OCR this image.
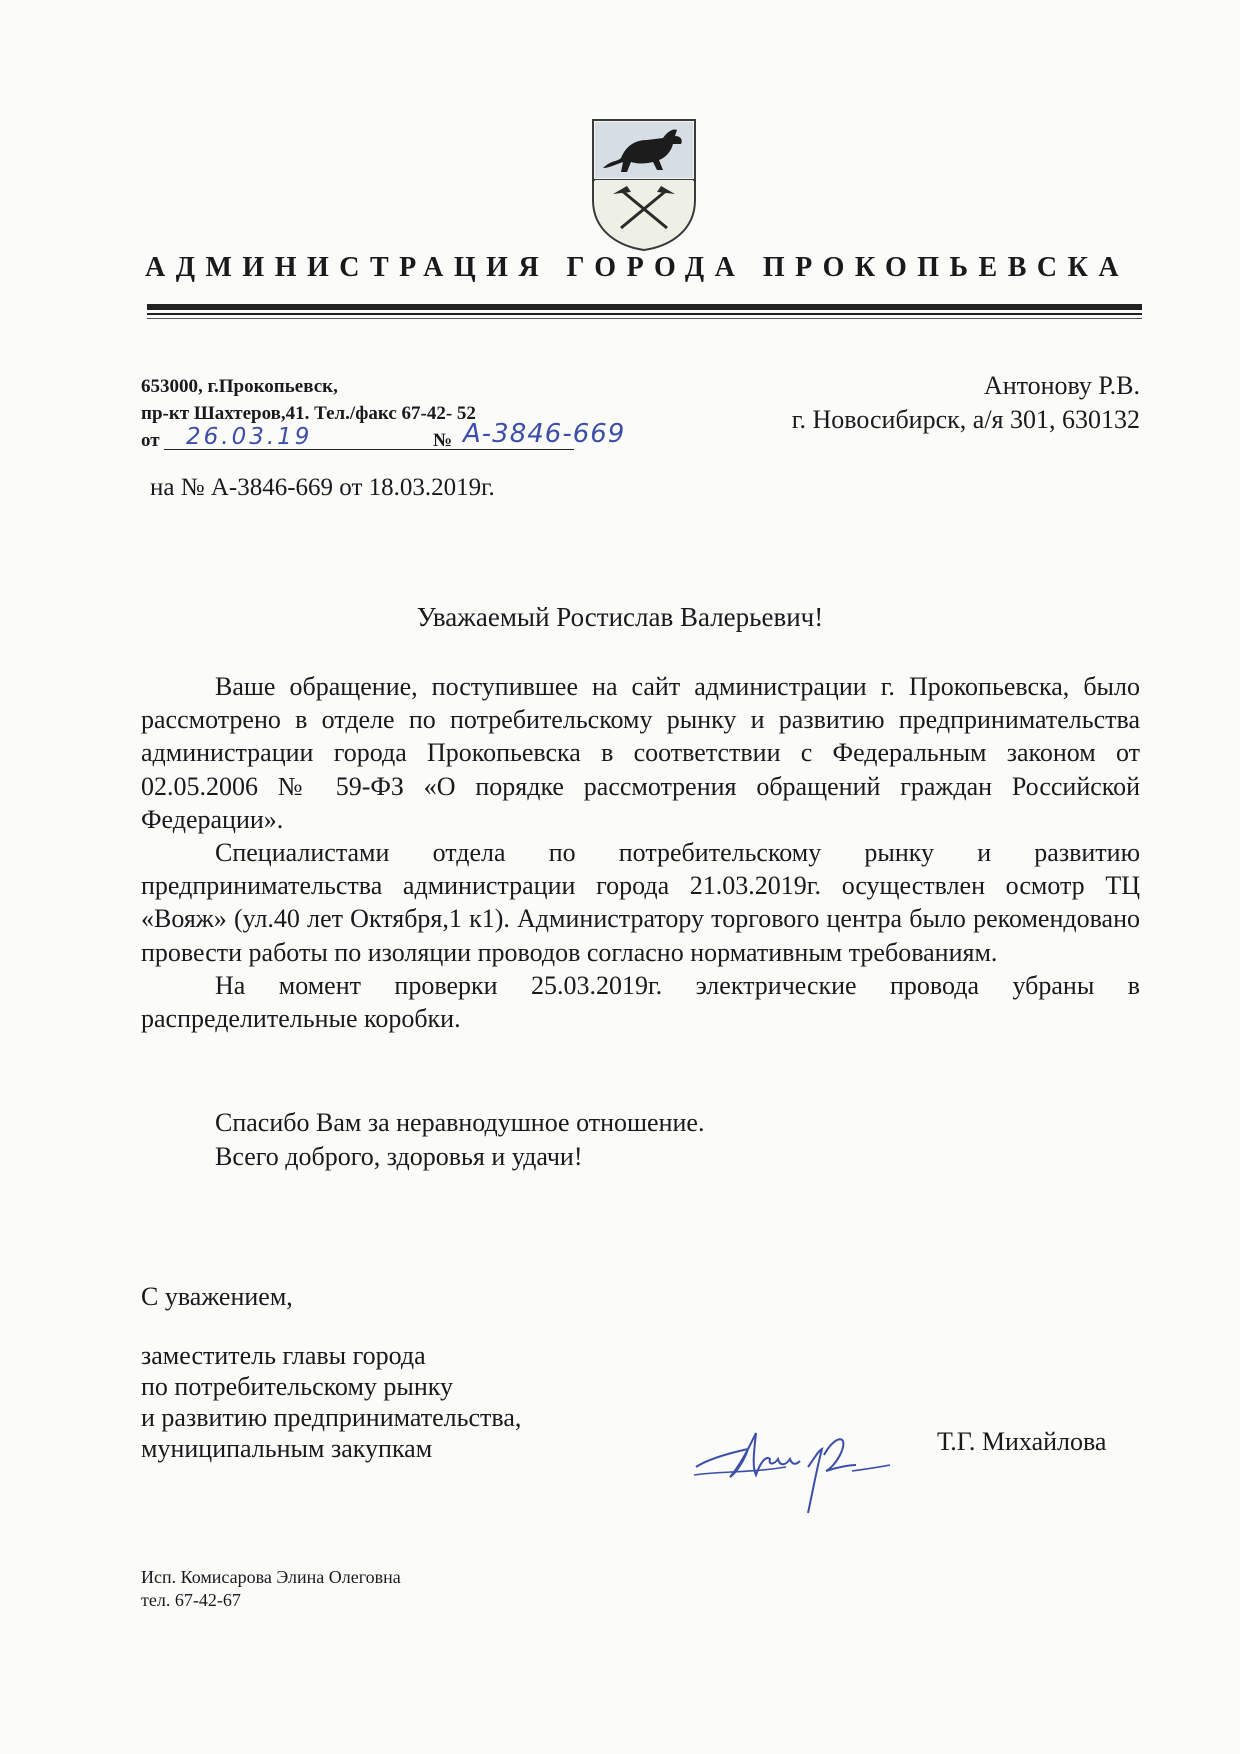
АДМИНИСТРАЦИЯ ГОРОДА ПРОКОПЬЕВСКА
653000, г.Прокопьевск,
пр-кт Шахтеров,41. Тел./факс 67-42- 52
от	26.03.19	№ А-3846-669
Антонову Р.В.
г. Новосибирск, а/я 301, 630132
на № А-3846-669 от 18.03.2019г.
Уважаемый Ростислав Валерьевич!

Ваше обращение, поступившее на сайт администрации г. Прокопьевска, было рассмотрено в отделе по потребительскому рынку и развитию предпринимательства администрации города Прокопьевска в соответствии с Федеральным законом от 02.05.2006 № 59-ФЗ «О порядке рассмотрения обращений граждан Российской Федерации».

Специалистами отдела по потребительскому рынку и развитию предпринимательства администрации города 21.03.2019г. осуществлен осмотр ТЦ «Вояж» (ул.40 лет Октября,1 к1). Администратору торгового центра было рекомендовано провести работы по изоляции проводов согласно нормативным требованиям.

На момент проверки 25.03.2019г. электрические провода убраны в распределительные коробки.

Спасибо Вам за неравнодушное отношение.
Всего доброго, здоровья и удачи!
С уважением,
заместитель главы города
по потребительскому рынку
и развитию предпринимательства,
муниципальным закупкам	Т.Г. Михайлова
Исп. Комисарова Элина Олеговна
тел. 67-42-67
